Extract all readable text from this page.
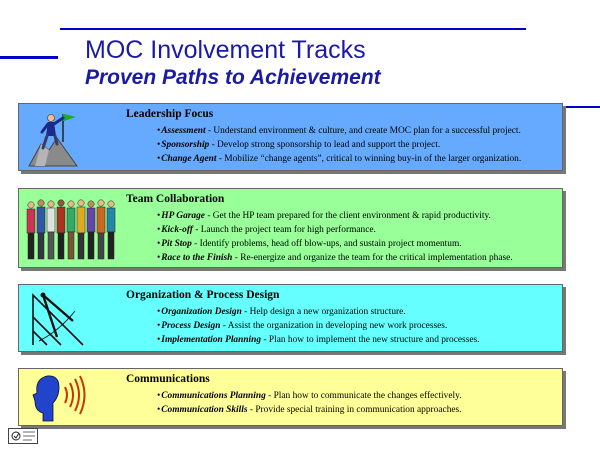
MOC Involvement Tracks
Proven Paths to Achievement
Leadership Focus
• Assessment - Understand environment & culture, and create MOC plan for a successful project.
• Sponsorship - Develop strong sponsorship to lead and support the project.
• Change Agent - Mobilize “change agents”, critical to winning buy-in of the larger organization.
Team Collaboration
• HP Garage - Get the HP team prepared for the client environment & rapid productivity.
• Kick-off - Launch the project team for high performance.
• Pit Stop - Identify problems, head off blow-ups, and sustain project momentum.
• Race to the Finish - Re-energize and organize the team for the critical implementation phase.
Organization & Process Design
• Organization Design - Help design a new organization structure.
• Process Design - Assist the organization in developing new work processes.
• Implementation Planning - Plan how to implement the new structure and processes.
Communications
• Communications Planning - Plan how to communicate the changes effectively.
• Communication Skills - Provide special training in communication approaches.
